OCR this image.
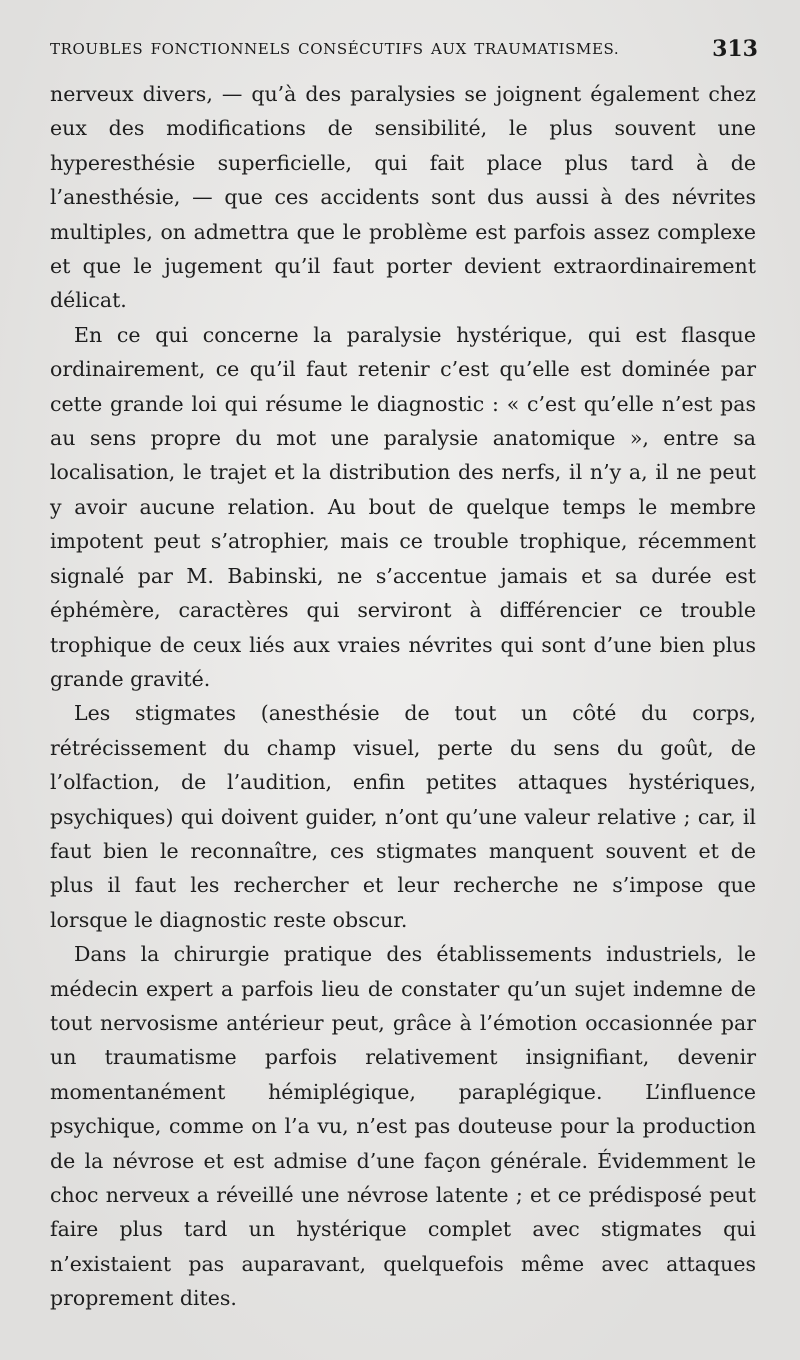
TROUBLES FONCTIONNELS CONSÉCUTIFS AUX TRAUMATISMES.	313

nerveux divers, — qu’à des paralysies se joignent également chez eux des modifications de sensibilité, le plus souvent une hyperesthésie superficielle, qui fait place plus tard à de l’anesthésie, — que ces accidents sont dus aussi à des névrites multiples, on admettra que le problème est parfois assez complexe et que le jugement qu’il faut porter devient extraordinairement délicat.

En ce qui concerne la paralysie hystérique, qui est flasque ordinairement, ce qu’il faut retenir c’est qu’elle est dominée par cette grande loi qui résume le diagnostic : « c’est qu’elle n’est pas au sens propre du mot une paralysie anatomique », entre sa localisation, le trajet et la distribution des nerfs, il n’y a, il ne peut y avoir aucune relation. Au bout de quelque temps le membre impotent peut s’atrophier, mais ce trouble trophique, récemment signalé par M. Babinski, ne s’accentue jamais et sa durée est éphémère, caractères qui serviront à différencier ce trouble trophique de ceux liés aux vraies névrites qui sont d’une bien plus grande gravité.

Les stigmates (anesthésie de tout un côté du corps, rétrécissement du champ visuel, perte du sens du goût, de l’olfaction, de l’audition, enfin petites attaques hystériques, psychiques) qui doivent guider, n’ont qu’une valeur relative ; car, il faut bien le reconnaître, ces stigmates manquent souvent et de plus il faut les rechercher et leur recherche ne s’impose que lorsque le diagnostic reste obscur.

Dans la chirurgie pratique des établissements industriels, le médecin expert a parfois lieu de constater qu’un sujet indemne de tout nervosisme antérieur peut, grâce à l’émotion occasionnée par un traumatisme parfois relativement insignifiant, devenir momentanément hémiplégique, paraplégique. L’influence psychique, comme on l’a vu, n’est pas douteuse pour la production de la névrose et est admise d’une façon générale. Évidemment le choc nerveux a réveillé une névrose latente ; et ce prédisposé peut faire plus tard un hystérique complet avec stigmates qui n’existaient pas auparavant, quelquefois même avec attaques proprement dites.
